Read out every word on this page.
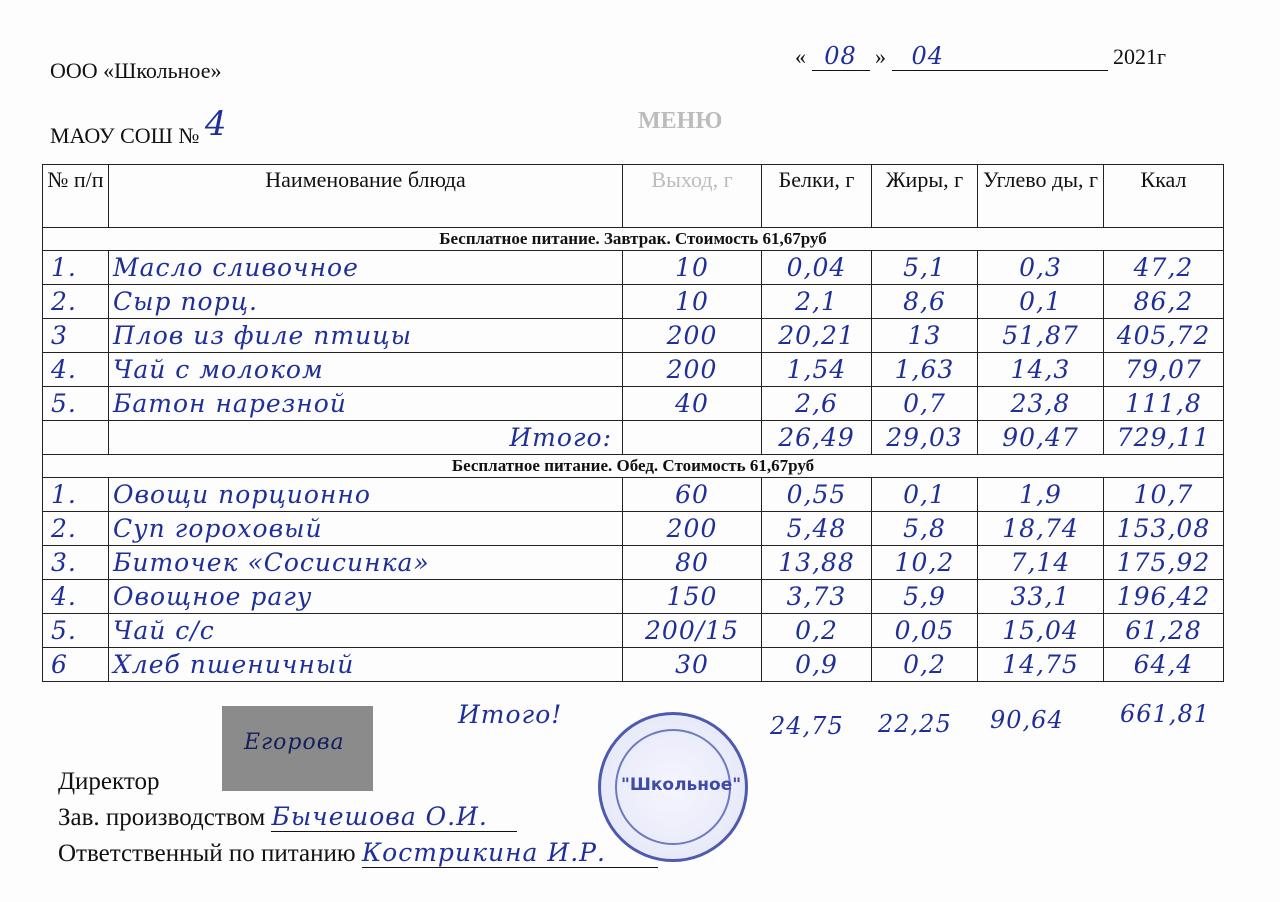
ООО «Школьное»
« 08 » 04	2021г
МАОУ СОШ № 4	МЕНЮ
№ п/п	Наименование блюда	Выход, г	Белки, г	Жиры, г	Углево ды, г	Ккал
Бесплатное питание. Завтрак. Стоимость 61,67руб						
1.	Масло сливочное	10	0,04	5,1	0,3	47,2
2.	Сыр порц.	10	2,1	8,6	0,1	86,2
3	Плов из филе птицы	200	20,21	13	51,87	405,72
4.	Чай с молоком	200	1,54	1,63	14,3	79,07
5.	Батон нарезной	40	2,6	0,7	23,8	111,8
	Итого:		26,49	29,03	90,47	729,11
Бесплатное питание. Обед. Стоимость 61,67руб						
1.	Овощи порционно	60	0,55	0,1	1,9	10,7
2.	Суп гороховый	200	5,48	5,8	18,74	153,08
3.	Биточек «Сосисинка»	80	13,88	10,2	7,14	175,92
4.	Овощное рагу	150	3,73	5,9	33,1	196,42
5.	Чай с/с	200/15	0,2	0,05	15,04	61,28
6	Хлеб пшеничный	30	0,9	0,2	14,75	64,4
Итого!	24,75 22,25 90,64 661,81
Егорова
"Школьное"
Директор
Зав. производством Бычешова О.И.
Ответственный по питанию Кострикина И.Р.
